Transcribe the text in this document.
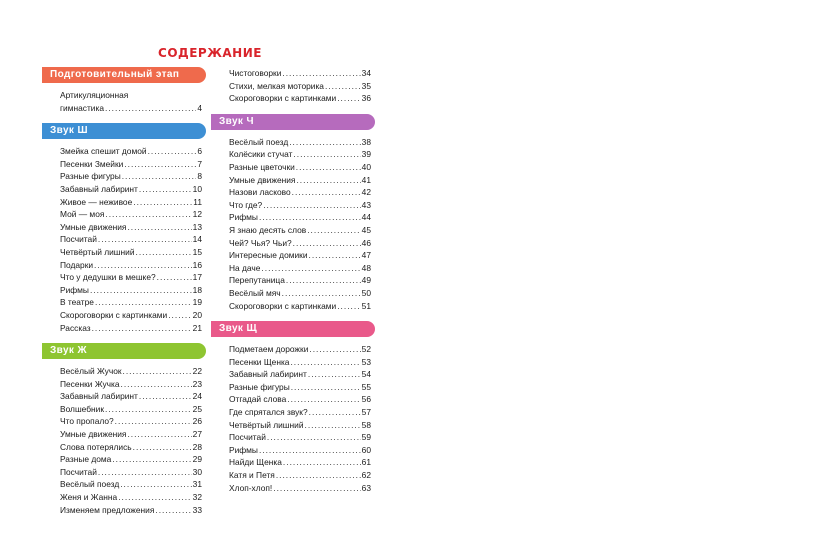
СОДЕРЖАНИЕ
Подготовительный этап
Артикуляционная
гимнастика .....	4
Звук Ш
Змейка спешит домой .....	6
Песенки Змейки .....	7
Разные фигуры .....	8
Забавный лабиринт .....	10
Живое — неживое .....	11
Мой — моя .....	12
Умные движения .....	13
Посчитай .....	14
Четвёртый лишний .....	15
Подарки .....	16
Что у дедушки в мешке? .....	17
Рифмы .....	18
В театре .....	19
Скороговорки с картинками .....	20
Рассказ .....	21
Звук Ж
Весёлый Жучок .....	22
Песенки Жучка .....	23
Забавный лабиринт .....	24
Волшебник .....	25
Что пропало? .....	26
Умные движения .....	27
Слова потерялись .....	28
Разные дома .....	29
Посчитай .....	30
Весёлый поезд .....	31
Женя и Жанна .....	32
Изменяем предложения .....	33
Чистоговорки .....	34
Стихи, мелкая моторика .....	35
Скороговорки с картинками .....	36
Звук Ч
Весёлый поезд .....	38
Колёсики стучат .....	39
Разные цветочки .....	40
Умные движения .....	41
Назови ласково .....	42
Что где? .....	43
Рифмы .....	44
Я знаю десять слов .....	45
Чей? Чья? Чьи? .....	46
Интересные домики .....	47
На даче .....	48
Перепутаница .....	49
Весёлый мяч .....	50
Скороговорки с картинками .....	51
Звук Щ
Подметаем дорожки .....	52
Песенки Щенка .....	53
Забавный лабиринт .....	54
Разные фигуры .....	55
Отгадай слова .....	56
Где спрятался звук? .....	57
Четвёртый лишний .....	58
Посчитай .....	59
Рифмы .....	60
Найди Щенка .....	61
Катя и Петя .....	62
Хлоп-хлоп! .....	63
